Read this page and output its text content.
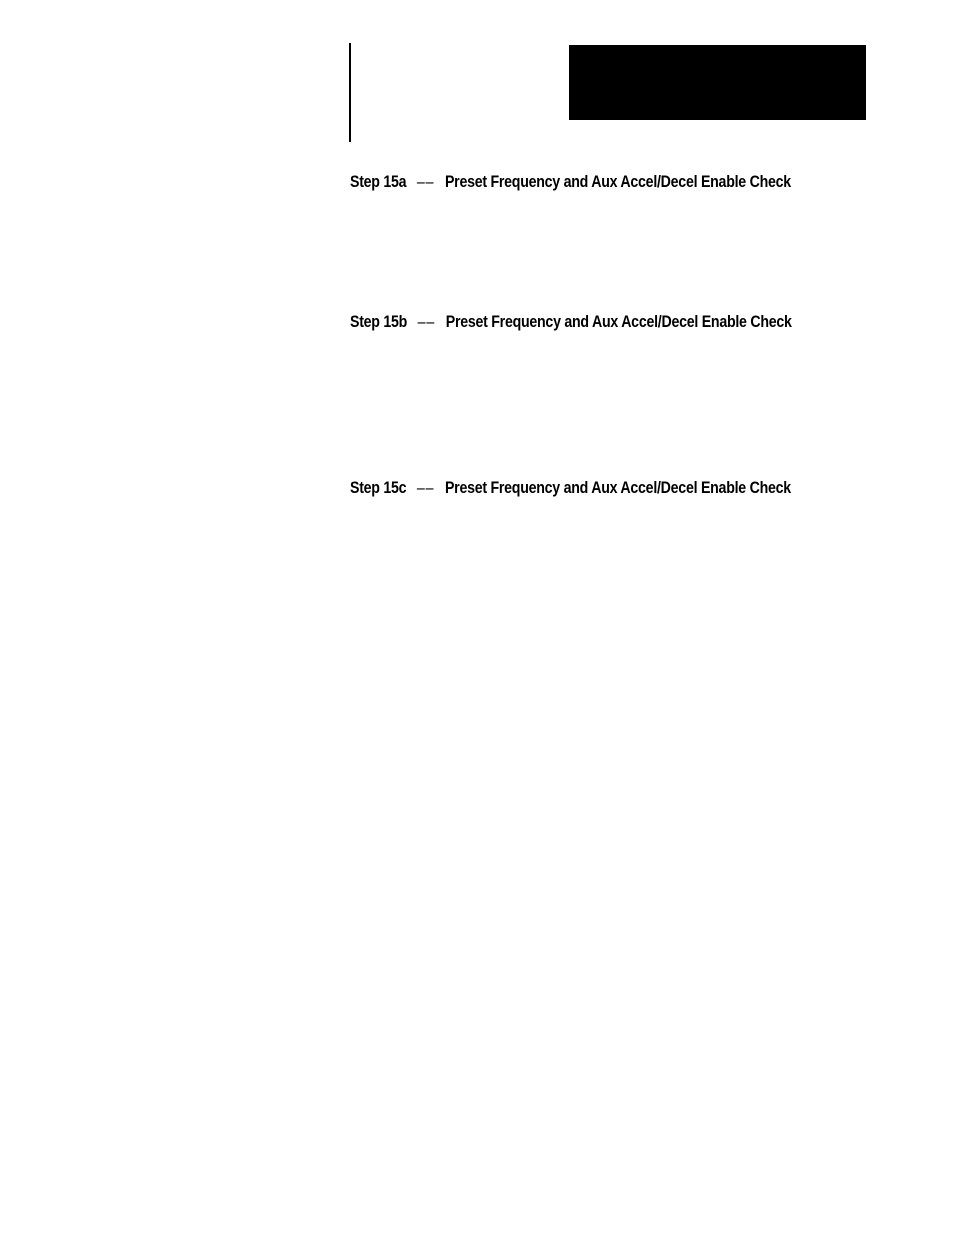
Step 15a –– Preset Frequency and Aux Accel/Decel Enable Check
Step 15b –– Preset Frequency and Aux Accel/Decel Enable Check
Step 15c –– Preset Frequency and Aux Accel/Decel Enable Check
